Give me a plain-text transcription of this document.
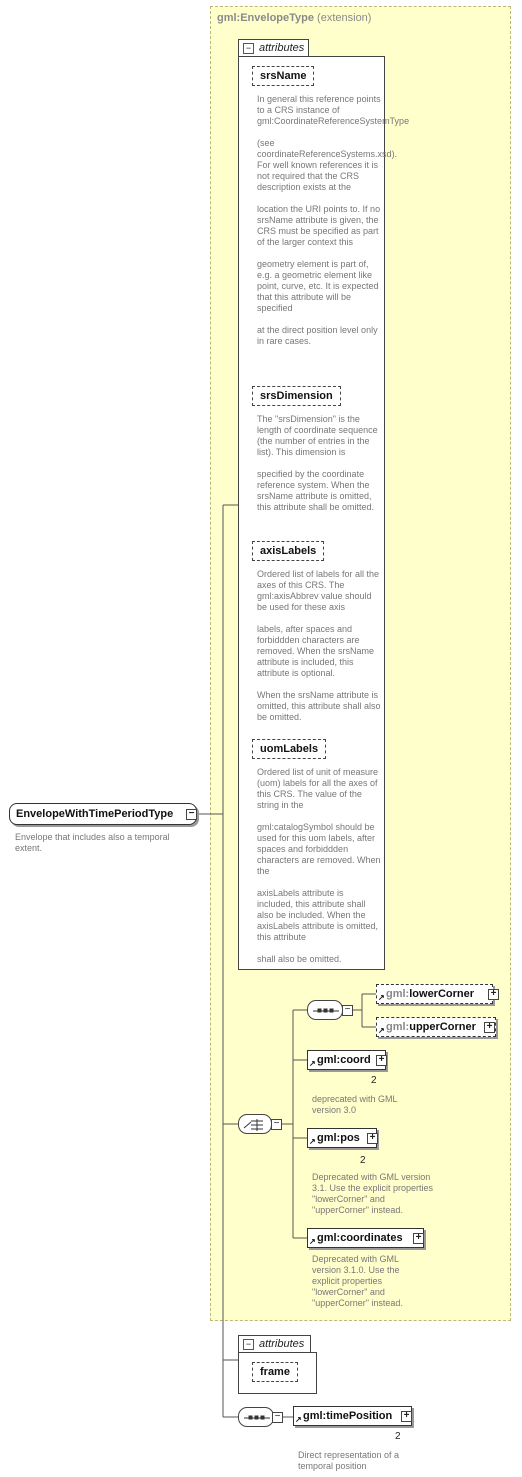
gml:EnvelopeType (extension)
EnvelopeWithTimePeriodType −
Envelope that includes also a temporal extent.
− attributes
srsName
In general this reference points to a CRS instance of gml:CoordinateReferenceSystemType

(see coordinateReferenceSystems.xsd). For well known references it is not required that the CRS description exists at the

location the URI points to. If no srsName attribute is given, the CRS must be specified as part of the larger context this

geometry element is part of, e.g. a geometric element like point, curve, etc. It is expected that this attribute will be specified

at the direct position level only in rare cases.
srsDimension
The "srsDimension" is the length of coordinate sequence (the number of entries in the list). This dimension is

specified by the coordinate reference system. When the srsName attribute is omitted, this attribute shall be omitted.
axisLabels
Ordered list of labels for all the axes of this CRS. The gml:axisAbbrev value should be used for these axis

labels, after spaces and forbiddden characters are removed. When the srsName attribute is included, this attribute is optional.

When the srsName attribute is omitted, this attribute shall also be omitted.
uomLabels
Ordered list of unit of measure (uom) labels for all the axes of this CRS. The value of the string in the

gml:catalogSymbol should be used for this uom labels, after spaces and forbiddden characters are removed. When the

axisLabels attribute is included, this attribute shall also be included. When the axisLabels attribute is omitted, this attribute

shall also be omitted.
−
−
gml:lowerCorner
↗	+
gml:upperCorner
↗	+
gml:coord
↗	+
2
deprecated with GML version 3.0
gml:pos
↗	+
2
Deprecated with GML version 3.1. Use the explicit properties "lowerCorner" and "upperCorner" instead.
gml:coordinates
↗	+
Deprecated with GML version 3.1.0. Use the explicit properties "lowerCorner" and "upperCorner" instead.
− attributes
frame
−	gml:timePosition
↗	+
2
Direct representation of a temporal position
